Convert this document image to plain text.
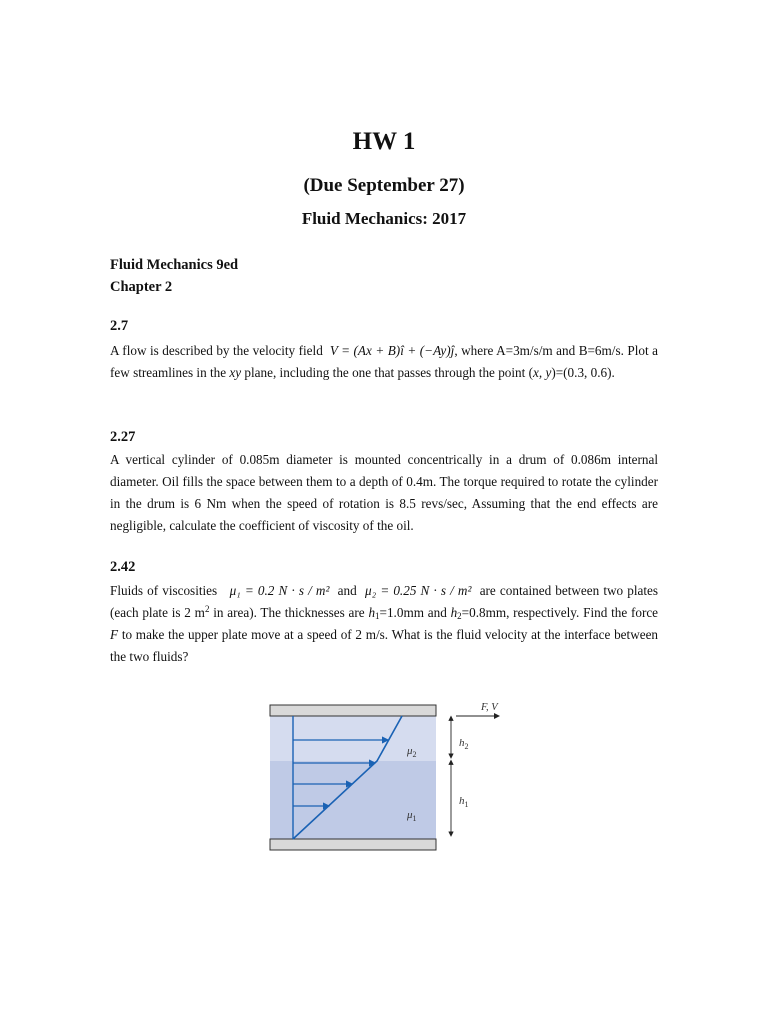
HW 1
(Due September 27)
Fluid Mechanics: 2017
Fluid Mechanics 9ed
Chapter 2
2.7
A flow is described by the velocity field V = (Ax + B)î + (−Ay)ĵ, where A=3m/s/m and B=6m/s. Plot a few streamlines in the xy plane, including the one that passes through the point (x, y)=(0.3, 0.6).
2.27
A vertical cylinder of 0.085m diameter is mounted concentrically in a drum of 0.086m internal diameter. Oil fills the space between them to a depth of 0.4m. The torque required to rotate the cylinder in the drum is 6 Nm when the speed of rotation is 8.5 revs/sec, Assuming that the end effects are negligible, calculate the coefficient of viscosity of the oil.
2.42
Fluids of viscosities μ₁ = 0.2 N · s / m² and μ₂ = 0.25 N · s / m² are contained between two plates (each plate is 2 $m^2$ in area). The thicknesses are $h_1=1.0mm$ and $h_2=0.8mm$, respectively. Find the force F to make the upper plate move at a speed of 2 m/s. What is the fluid velocity at the interface between the two fluids?
$\mu_2$
$\mu_1$
F, V
$h_2$
$h_1$
